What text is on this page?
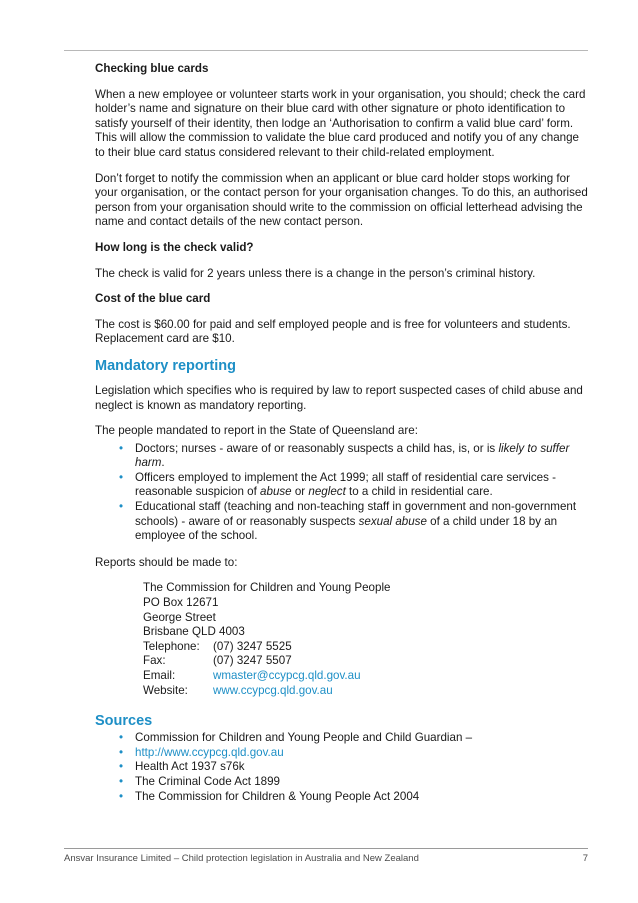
Checking blue cards

When a new employee or volunteer starts work in your organisation, you should; check the card holder’s name and signature on their blue card with other signature or photo identification to satisfy yourself of their identity, then lodge an ‘Authorisation to confirm a valid blue card’ form. This will allow the commission to validate the blue card produced and notify you of any change to their blue card status considered relevant to their child-related employment.

Don’t forget to notify the commission when an applicant or blue card holder stops working for your organisation, or the contact person for your organisation changes. To do this, an authorised person from your organisation should write to the commission on official letterhead advising the name and contact details of the new contact person.

How long is the check valid?

The check is valid for 2 years unless there is a change in the person’s criminal history.

Cost of the blue card

The cost is $60.00 for paid and self employed people and is free for volunteers and students. Replacement card are $10.

Mandatory reporting

Legislation which specifies who is required by law to report suspected cases of child abuse and neglect is known as mandatory reporting.

The people mandated to report in the State of Queensland are:

• Doctors; nurses - aware of or reasonably suspects a child has, is, or is likely to suffer harm.
• Officers employed to implement the Act 1999; all staff of residential care services - reasonable suspicion of abuse or neglect to a child in residential care.
• Educational staff (teaching and non-teaching staff in government and non-government schools) - aware of or reasonably suspects sexual abuse of a child under 18 by an employee of the school.

Reports should be made to:

The Commission for Children and Young People
PO Box 12671
George Street
Brisbane QLD 4003
Telephone:	(07) 3247 5525
Fax:	(07) 3247 5507
Email:	wmaster@ccypcg.qld.gov.au
Website:	www.ccypcg.qld.gov.au
Sources
• Commission for Children and Young People and Child Guardian –
• http://www.ccypcg.qld.gov.au
• Health Act 1937 s76k
• The Criminal Code Act 1899
• The Commission for Children & Young People Act 2004
Ansvar Insurance Limited – Child protection legislation in Australia and New Zealand	7
